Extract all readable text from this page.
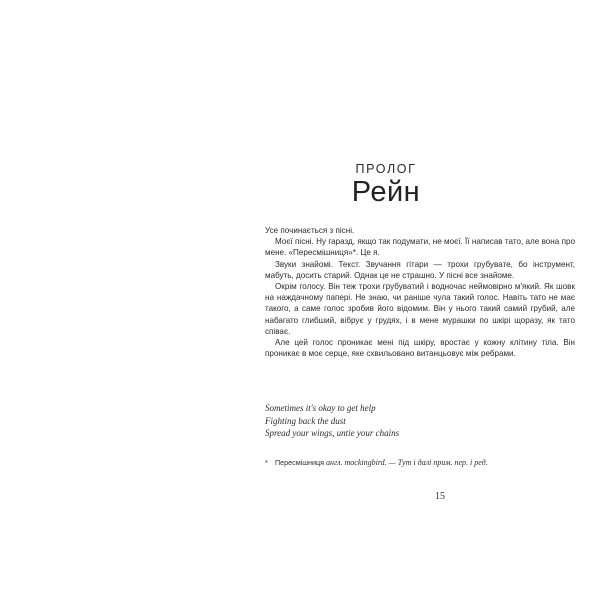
ПРОЛОГ
Рейн

Усе починається з пісні.

Моєї пісні. Ну гаразд, якщо так подумати, не моєї. Її написав тато, але вона про мене. «Пересмішниця»*. Це я.

Звуки знайомі. Текст. Звучання гітари — трохи грубувате, бо інструмент, мабуть, досить старий. Однак це не страшно. У пісні все знайоме.

Окрім голосу. Він теж трохи грубуватий і водночас неймовірно м'який. Як шовк на наждачному папері. Не знаю, чи раніше чула такий голос. Навіть тато не має такого, а саме голос зробив його відомим. Він у нього такий самий грубий, але набагато глибший, вібрує у грудях, і в мене мурашки по шкірі щоразу, як тато співає.

Але цей голос проникає мені під шкіру, вростає у кожну клітину тіла. Він проникає в моє серце, яке схвильовано витанцьовує між ребрами.

Sometimes it's okay to get help
Fighting back the dust
Spread your wings, untie your chains
* Пересмішниця англ. mockingbird. — Тут і далі прим. пер. і ред.
15
